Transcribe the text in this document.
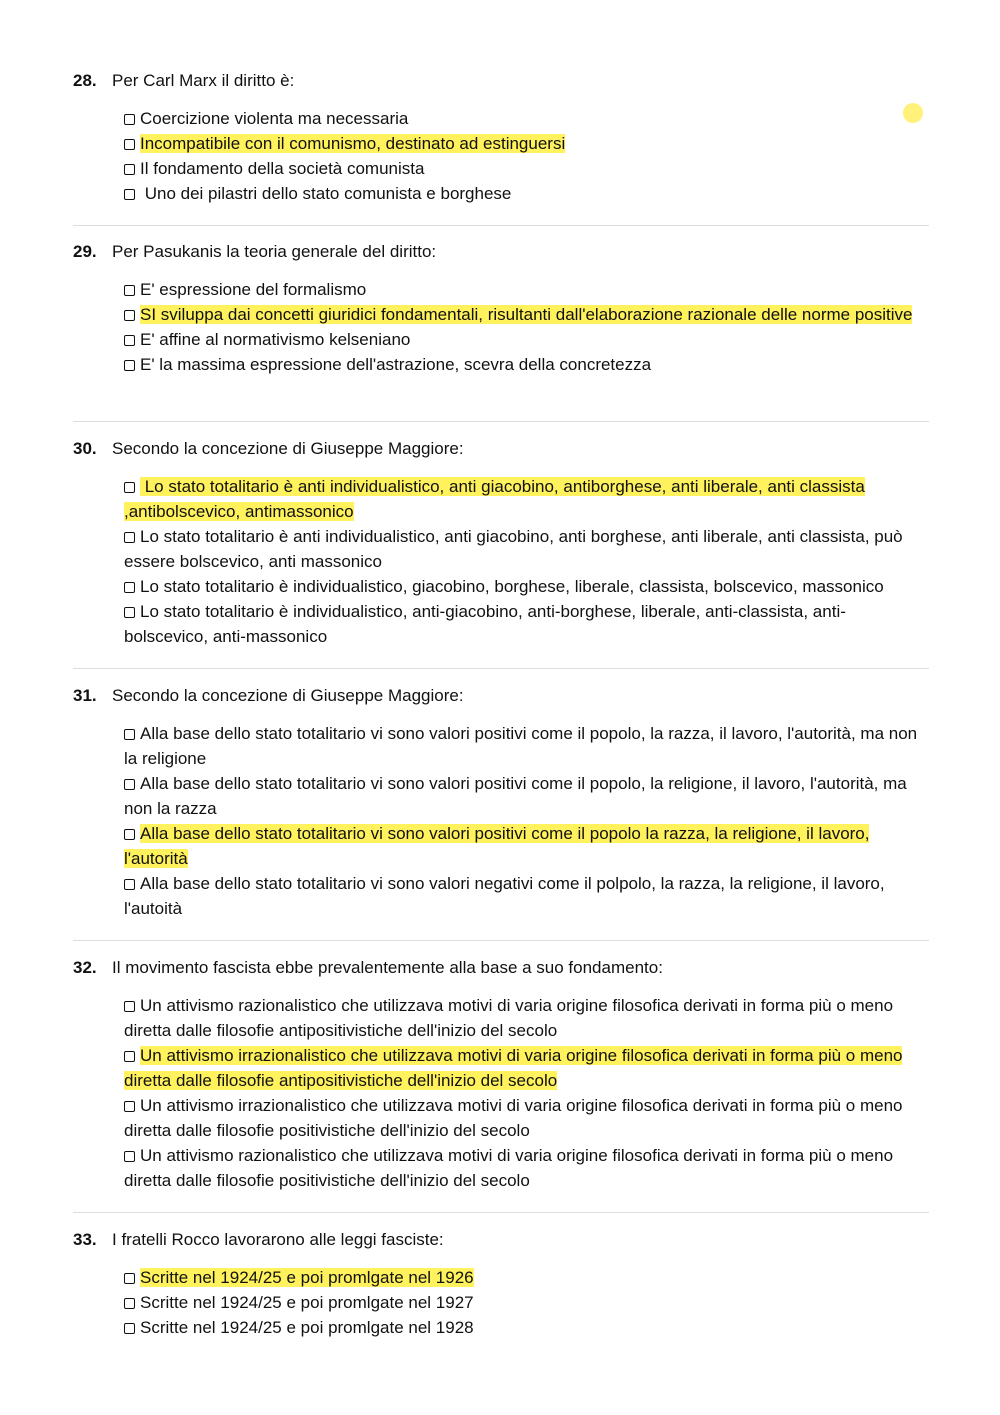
28. Per Carl Marx il diritto è:
Coercizione violenta ma necessaria
Incompatibile con il comunismo, destinato ad estinguersi
Il fondamento della società comunista
Uno dei pilastri dello stato comunista e borghese
29. Per Pasukanis la teoria generale del diritto:
E' espressione del formalismo
SI sviluppa dai concetti giuridici fondamentali, risultanti dall'elaborazione razionale delle norme positive
E' affine al normativismo kelseniano
E' la massima espressione dell'astrazione, scevra della concretezza
30. Secondo la concezione di Giuseppe Maggiore:
Lo stato totalitario è anti individualistico, anti giacobino, antiborghese, anti liberale, anti classista ,antibolscevico, antimassonico
Lo stato totalitario è anti individualistico, anti giacobino, anti borghese, anti liberale, anti classista, può essere bolscevico, anti massonico
Lo stato totalitario è individualistico, giacobino, borghese, liberale, classista, bolscevico, massonico
Lo stato totalitario è individualistico, anti-giacobino, anti-borghese, liberale, anti-classista, anti-bolscevico, anti-massonico
31. Secondo la concezione di Giuseppe Maggiore:
Alla base dello stato totalitario vi sono valori positivi come il popolo, la razza, il lavoro, l'autorità, ma non la religione
Alla base dello stato totalitario vi sono valori positivi come il popolo, la religione, il lavoro, l'autorità, ma non la razza
Alla base dello stato totalitario vi sono valori positivi come il popolo la razza, la religione, il lavoro, l'autorità
Alla base dello stato totalitario vi sono valori negativi come il polpolo, la razza, la religione, il lavoro, l'autoità
32. Il movimento fascista ebbe prevalentemente alla base a suo fondamento:
Un attivismo razionalistico che utilizzava motivi di varia origine filosofica derivati in forma più o meno diretta dalle filosofie antipositivistiche dell'inizio del secolo
Un attivismo irrazionalistico che utilizzava motivi di varia origine filosofica derivati in forma più o meno diretta dalle filosofie antipositivistiche dell'inizio del secolo
Un attivismo irrazionalistico che utilizzava motivi di varia origine filosofica derivati in forma più o meno diretta dalle filosofie positivistiche dell'inizio del secolo
Un attivismo razionalistico che utilizzava motivi di varia origine filosofica derivati in forma più o meno diretta dalle filosofie positivistiche dell'inizio del secolo
33. I fratelli Rocco lavorarono alle leggi fasciste:
Scritte nel 1924/25 e poi promlgate nel 1926
Scritte nel 1924/25 e poi promlgate nel 1927
Scritte nel 1924/25 e poi promlgate nel 1928
